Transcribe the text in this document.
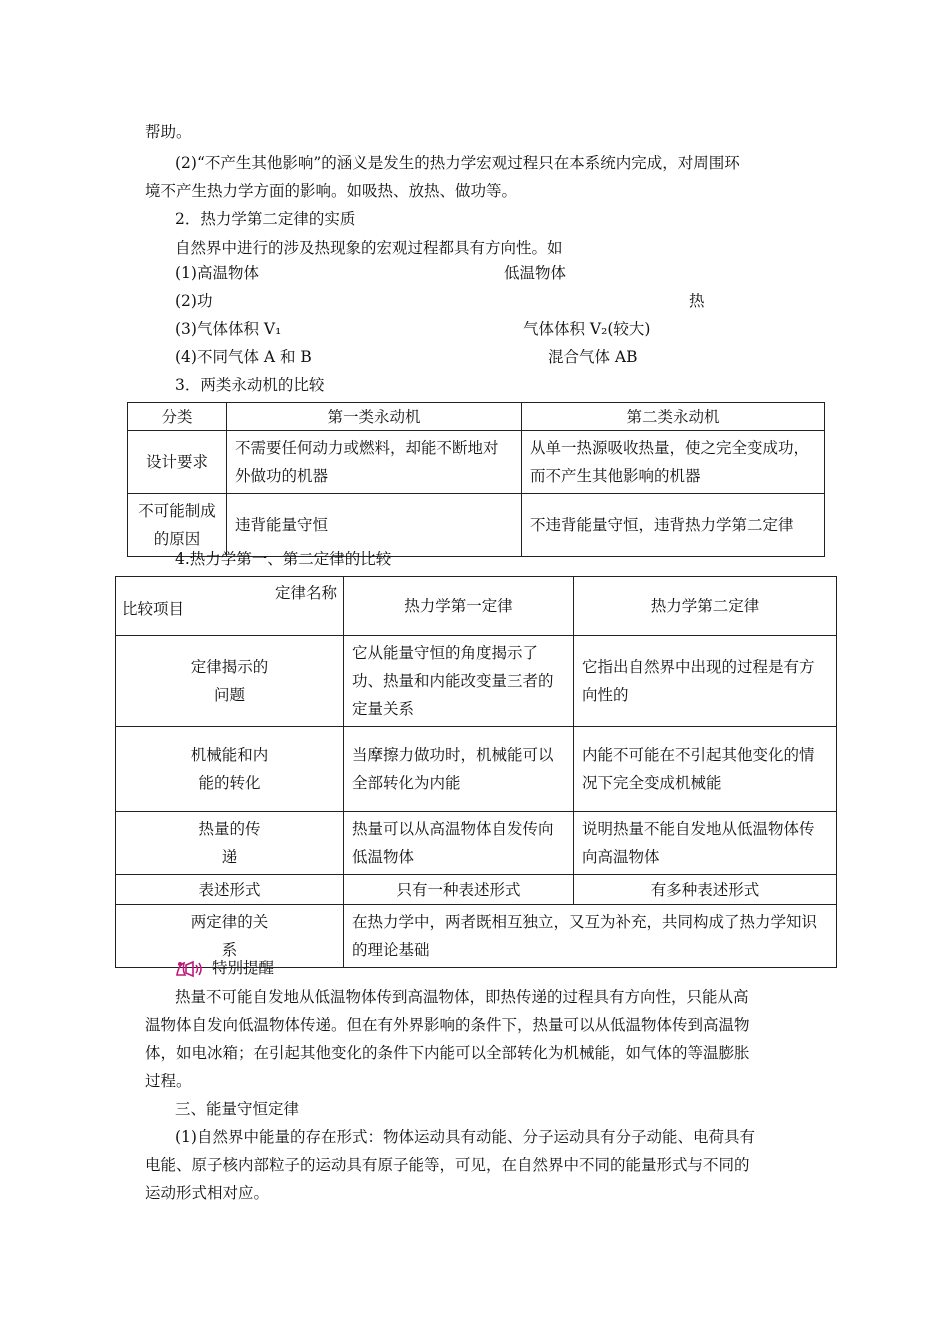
帮助。
(2)“不产生其他影响”的涵义是发生的热力学宏观过程只在本系统内完成，对周围环
境不产生热力学方面的影响。如吸热、放热、做功等。
2．热力学第二定律的实质
自然界中进行的涉及热现象的宏观过程都具有方向性。如
(1)高温物体	低温物体
(2)功	热
(3)气体体积 V₁	气体体积 V₂(较大)
(4)不同气体 A 和 B	混合气体 AB
3．两类永动机的比较
分类	第一类永动机	第二类永动机
设计要求	不需要任何动力或燃料，却能不断地对外做功的机器	从单一热源吸收热量，使之完全变成功，而不产生其他影响的机器
不可能制成的原因	违背能量守恒	不违背能量守恒，违背热力学第二定律
4.热力学第一、第二定律的比较
定律名称
比较项目	热力学第一定律	热力学第二定律
定律揭示的问题	它从能量守恒的角度揭示了功、热量和内能改变量三者的定量关系	它指出自然界中出现的过程是有方向性的
机械能和内能的转化	当摩擦力做功时，机械能可以全部转化为内能	内能不可能在不引起其他变化的情况下完全变成机械能
热量的传递	热量可以从高温物体自发传向低温物体	说明热量不能自发地从低温物体传向高温物体
表述形式	只有一种表述形式	有多种表述形式
两定律的关系	在热力学中，两者既相互独立，又互为补充，共同构成了热力学知识的理论基础	
特别提醒
热量不可能自发地从低温物体传到高温物体，即热传递的过程具有方向性，只能从高
温物体自发向低温物体传递。但在有外界影响的条件下，热量可以从低温物体传到高温物
体，如电冰箱；在引起其他变化的条件下内能可以全部转化为机械能，如气体的等温膨胀
过程。
三、能量守恒定律
(1)自然界中能量的存在形式：物体运动具有动能、分子运动具有分子动能、电荷具有
电能、原子核内部粒子的运动具有原子能等，可见，在自然界中不同的能量形式与不同的
运动形式相对应。
